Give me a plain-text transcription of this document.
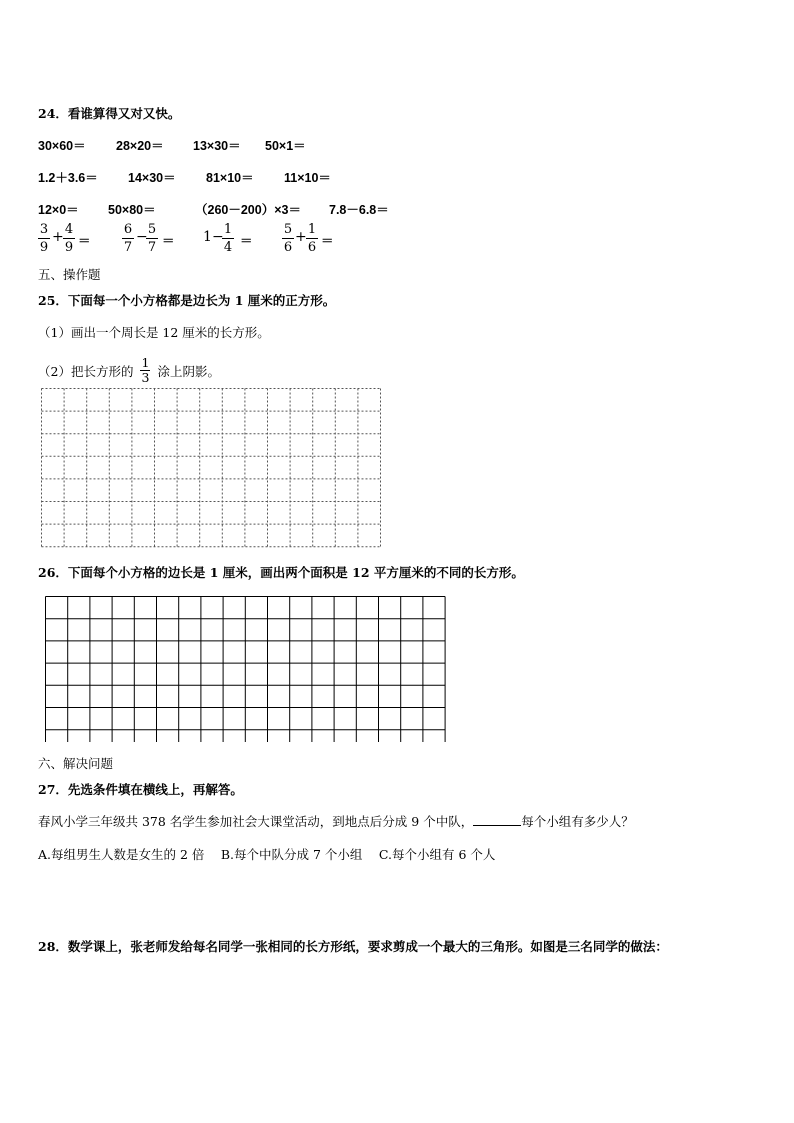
24．看谁算得又对又快。
30×60＝ 28×20＝ 13×30＝ 50×1＝
1.2＋3.6＝ 14×30＝ 81×10＝ 11×10＝
12×0＝ 50×80＝	（260－200）×3＝ 7.8－6.8＝
3
9
+ 4
9 ＝
6
7
− 5
7 ＝ 1 − 1
4 ＝
5
6
+ 1
6 ＝
五、操作题
25．下面每一个小方格都是边长为 1 厘米的正方形。
（1）画出一个周长是 12 厘米的长方形。
（2）把长方形的 $\frac{1}{3}$ 涂上阴影。
26．下面每个小方格的边长是 1 厘米，画出两个面积是 12 平方厘米的不同的长方形。
六、解决问题
27．先选条件填在横线上，再解答。
春风小学三年级共 378 名学生参加社会大课堂活动，到地点后分成 9 个中队，	每个小组有多少人？
A.每组男生人数是女生的 2 倍　 B.每个中队分成 7 个小组　 C.每个小组有 6 个人
28．数学课上，张老师发给每名同学一张相同的长方形纸，要求剪成一个最大的三角形。如图是三名同学的做法：
